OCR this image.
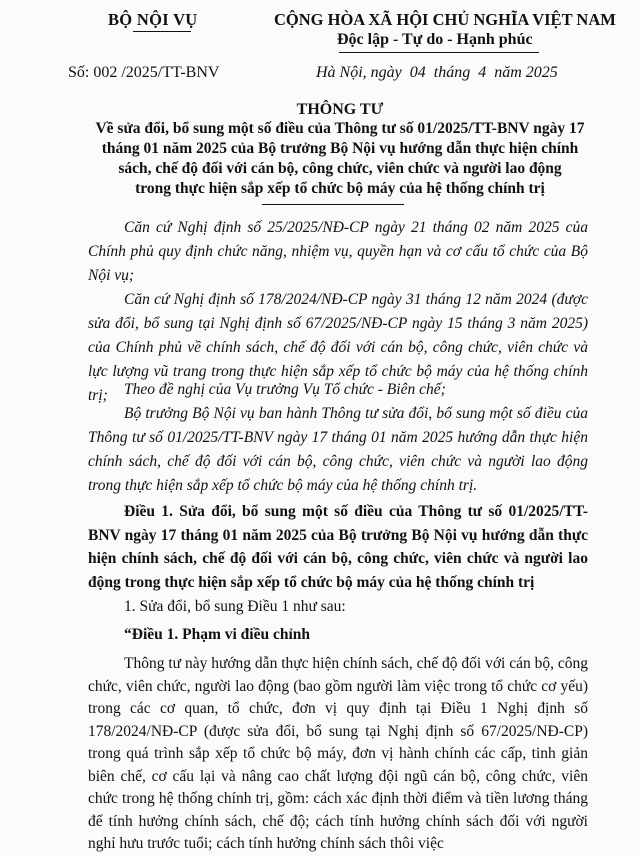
BỘ NỘI VỤ	CỘNG HÒA XÃ HỘI CHỦ NGHĨA VIỆT NAM
Độc lập - Tự do - Hạnh phúc
Số: 002 /2025/TT-BNV	Hà Nội, ngày  04  tháng  4  năm 2025
THÔNG TƯ
Về sửa đổi, bổ sung một số điều của Thông tư số 01/2025/TT-BNV ngày 17
tháng 01 năm 2025 của Bộ trưởng Bộ Nội vụ hướng dẫn thực hiện chính
sách, chế độ đối với cán bộ, công chức, viên chức và người lao động
trong thực hiện sắp xếp tổ chức bộ máy của hệ thống chính trị
Căn cứ Nghị định số 25/2025/NĐ-CP ngày 21 tháng 02 năm 2025 của Chính phủ quy định chức năng, nhiệm vụ, quyền hạn và cơ cấu tổ chức của Bộ Nội vụ;
Căn cứ Nghị định số 178/2024/NĐ-CP ngày 31 tháng 12 năm 2024 (được sửa đổi, bổ sung tại Nghị định số 67/2025/NĐ-CP ngày 15 tháng 3 năm 2025) của Chính phủ về chính sách, chế độ đối với cán bộ, công chức, viên chức và lực lượng vũ trang trong thực hiện sắp xếp tổ chức bộ máy của hệ thống chính trị;	Theo đề nghị của Vụ trưởng Vụ Tổ chức - Biên chế;
Bộ trưởng Bộ Nội vụ ban hành Thông tư sửa đổi, bổ sung một số điều của Thông tư số 01/2025/TT-BNV ngày 17 tháng 01 năm 2025 hướng dẫn thực hiện chính sách, chế độ đối với cán bộ, công chức, viên chức và người lao động trong thực hiện sắp xếp tổ chức bộ máy của hệ thống chính trị.
Điều 1. Sửa đổi, bổ sung một số điều của Thông tư số 01/2025/TT-BNV ngày 17 tháng 01 năm 2025 của Bộ trưởng Bộ Nội vụ hướng dẫn thực hiện chính sách, chế độ đối với cán bộ, công chức, viên chức và người lao động trong thực hiện sắp xếp tổ chức bộ máy của hệ thống chính trị
1. Sửa đổi, bổ sung Điều 1 như sau:
“Điều 1. Phạm vi điều chỉnh
Thông tư này hướng dẫn thực hiện chính sách, chế độ đối với cán bộ, công chức, viên chức, người lao động (bao gồm người làm việc trong tổ chức cơ yếu) trong các cơ quan, tổ chức, đơn vị quy định tại Điều 1 Nghị định số 178/2024/NĐ-CP (được sửa đổi, bổ sung tại Nghị định số 67/2025/NĐ-CP) trong quá trình sắp xếp tổ chức bộ máy, đơn vị hành chính các cấp, tinh giản biên chế, cơ cấu lại và nâng cao chất lượng đội ngũ cán bộ, công chức, viên chức trong hệ thống chính trị, gồm: cách xác định thời điểm và tiền lương tháng để tính hưởng chính sách, chế độ; cách tính hưởng chính sách đối với người nghỉ hưu trước tuổi; cách tính hưởng chính sách thôi việc
